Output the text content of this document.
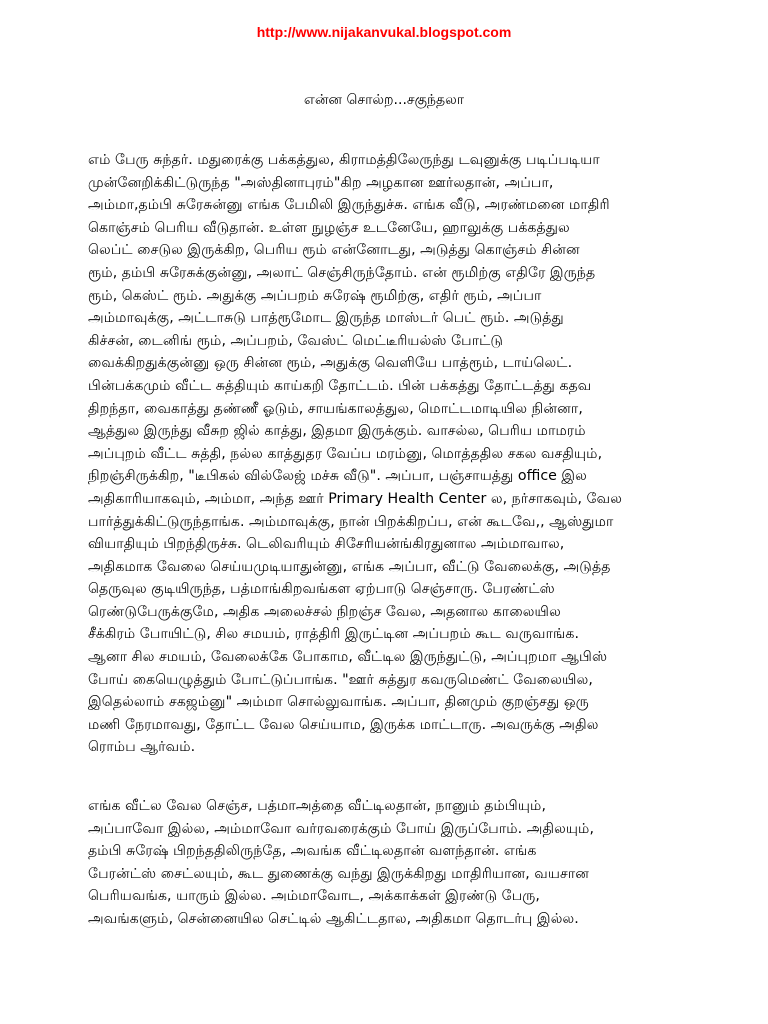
http://www.nijakanvukal.blogspot.com
என்ன சொல்ற...சகுந்தலா
எம் பேரு சுந்தர். மதுரைக்கு பக்கத்துல, கிராமத்திலேருந்து டவுனுக்கு படிப்படியா
முன்னேறிக்கிட்டுருந்த "அஸ்தினாபுரம்"கிற அழகான ஊர்லதான், அப்பா,
அம்மா,தம்பி சுரேசுன்னு எங்க பேமிலி இருந்துச்சு. எங்க வீடு, அரண்மனை மாதிரி
கொஞ்சம் பெரிய வீடுதான். உள்ள நுழஞ்ச உடனேயே, ஹாலுக்கு பக்கத்துல
லெப்ட் சைடுல இருக்கிற, பெரிய ரூம் என்னோடது, அடுத்து கொஞ்சம் சின்ன
ரூம், தம்பி சுரேசுக்குன்னு, அலாட் செஞ்சிருந்தோம். என் ரூமிற்கு எதிரே இருந்த
ரூம், கெஸ்ட் ரூம். அதுக்கு அப்பறம் சுரேஷ் ரூமிற்கு, எதிர் ரூம், அப்பா
அம்மாவுக்கு, அட்டாசுடு பாத்ரூமோட இருந்த மாஸ்டர் பெட் ரூம். அடுத்து
கிச்சன், டைனிங் ரூம், அப்பறம், வேஸ்ட் மெட்டீரியல்ஸ் போட்டு
வைக்கிறதுக்குன்னு ஒரு சின்ன ரூம், அதுக்கு வெளியே பாத்ரூம், டாய்லெட்.
பின்பக்கமும் வீட்ட சுத்தியும் காய்கறி தோட்டம். பின் பக்கத்து தோட்டத்து கதவ
திறந்தா, வைகாத்து தண்ணீ ஓடும், சாயங்காலத்துல, மொட்டமாடியில நின்னா,
ஆத்துல இருந்து வீசுற ஜில் காத்து, இதமா இருக்கும். வாசல்ல, பெரிய மாமரம்
அப்புறம் வீட்ட சுத்தி, நல்ல காத்துதர வேப்ப மரம்னு, மொத்ததில சகல வசதியும்,
நிறஞ்சிருக்கிற, "டீபிகல் வில்லேஜ் மச்சு வீடு". அப்பா, பஞ்சாயத்து office இல
அதிகாரியாகவும், அம்மா, அந்த ஊர் Primary Health Center ல, நர்சாகவும், வேல
பார்த்துக்கிட்டுருந்தாங்க. அம்மாவுக்கு, நான் பிறக்கிறப்ப, என் கூடவே,, ஆஸ்துமா
வியாதியும் பிறந்திருச்சு. டெலிவரியும் சிசேரியன்ங்கிரதுனால அம்மாவால,
அதிகமாக வேலை செய்யமுடியாதுன்னு, எங்க அப்பா, வீட்டு வேலைக்கு, அடுத்த
தெருவுல குடியிருந்த, பத்மாங்கிறவங்கள ஏற்பாடு செஞ்சாரு. பேரண்ட்ஸ்
ரெண்டுபேருக்குமே, அதிக அலைச்சல் நிறஞ்ச வேல, அதனால காலையில
சீக்கிரம் போயிட்டு, சில சமயம், ராத்திரி இருட்டின அப்பறம் கூட வருவாங்க.
ஆனா சில சமயம், வேலைக்கே போகாம, வீட்டில இருந்துட்டு, அப்புறமா ஆபிஸ்
போய் கையெழுத்தும் போட்டுப்பாங்க. "ஊர் சுத்துர கவருமெண்ட் வேலையில,
இதெல்லாம் சகஜம்னு" அம்மா சொல்லுவாங்க. அப்பா, தினமும் குறஞ்சது ஒரு
மணி நேரமாவது, தோட்ட வேல செய்யாம, இருக்க மாட்டாரு. அவருக்கு அதில
ரொம்ப ஆர்வம்.
எங்க வீட்ல வேல செஞ்ச, பத்மாஅத்தை வீட்டிலதான், நானும் தம்பியும்,
அப்பாவோ இல்ல, அம்மாவோ வர்ரவரைக்கும் போய் இருப்போம். அதிலயும்,
தம்பி சுரேஷ் பிறந்ததிலிருந்தே, அவங்க வீட்டிலதான் வளந்தான். எங்க
பேரன்ட்ஸ் சைட்லயும், கூட துணைக்கு வந்து இருக்கிறது மாதிரியான, வயசான
பெரியவங்க, யாரும் இல்ல. அம்மாவோட, அக்காக்கள் இரண்டு பேரு,
அவங்களும், சென்னையில செட்டில் ஆகிட்டதால, அதிகமா தொடர்பு இல்ல.
